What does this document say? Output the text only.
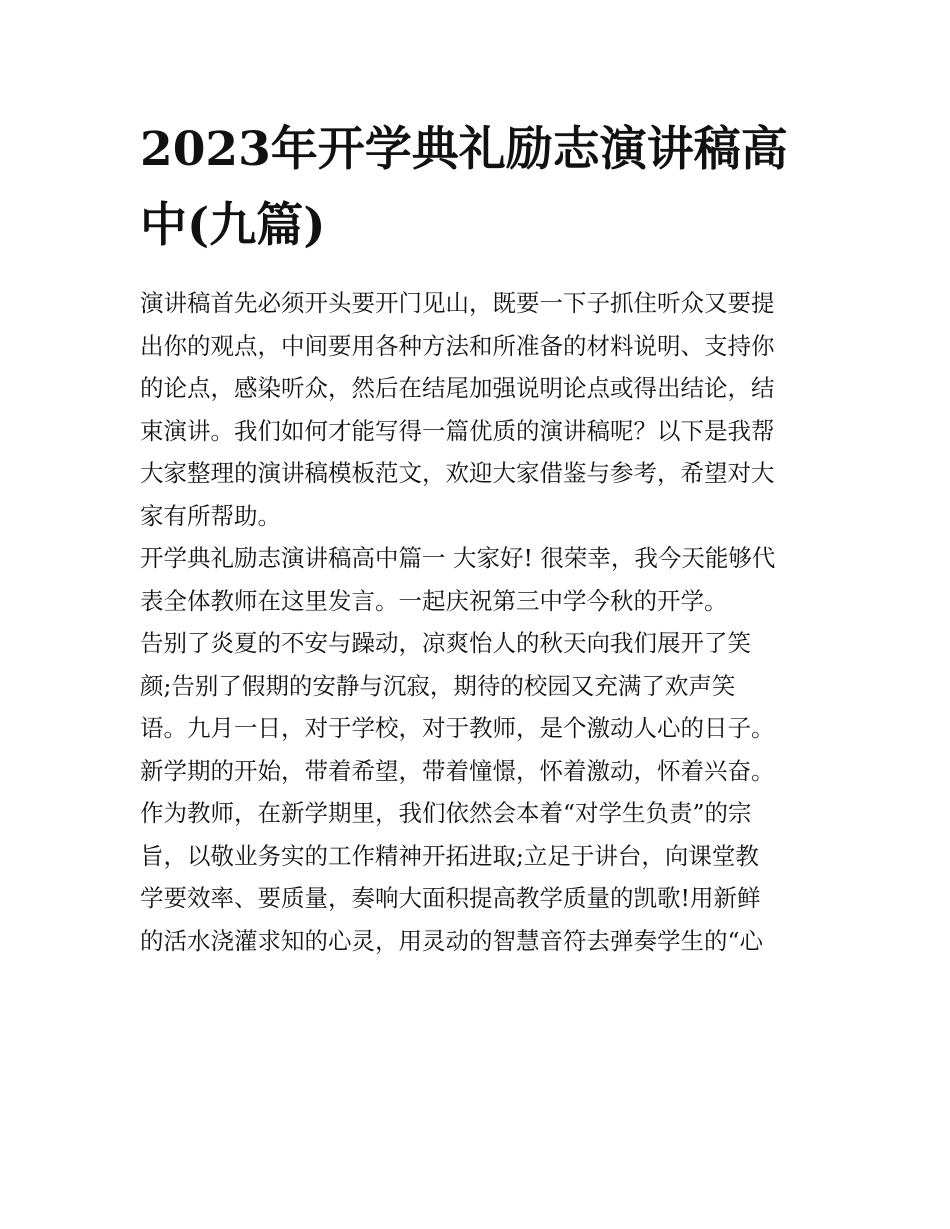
2023年开学典礼励志演讲稿高
中(九篇)
演讲稿首先必须开头要开门见山，既要一下子抓住听众又要提
出你的观点，中间要用各种方法和所准备的材料说明、支持你
的论点，感染听众，然后在结尾加强说明论点或得出结论，结
束演讲。我们如何才能写得一篇优质的演讲稿呢？以下是我帮
大家整理的演讲稿模板范文，欢迎大家借鉴与参考，希望对大
家有所帮助。
开学典礼励志演讲稿高中篇一 大家好! 很荣幸，我今天能够代
表全体教师在这里发言。一起庆祝第三中学今秋的开学。
告别了炎夏的不安与躁动，凉爽怡人的秋天向我们展开了笑
颜;告别了假期的安静与沉寂，期待的校园又充满了欢声笑
语。九月一日，对于学校，对于教师，是个激动人心的日子。
新学期的开始，带着希望，带着憧憬，怀着激动，怀着兴奋。
作为教师，在新学期里，我们依然会本着“对学生负责”的宗
旨，以敬业务实的工作精神开拓进取;立足于讲台，向课堂教
学要效率、要质量，奏响大面积提高教学质量的凯歌!用新鲜
的活水浇灌求知的心灵，用灵动的智慧音符去弹奏学生的“心
